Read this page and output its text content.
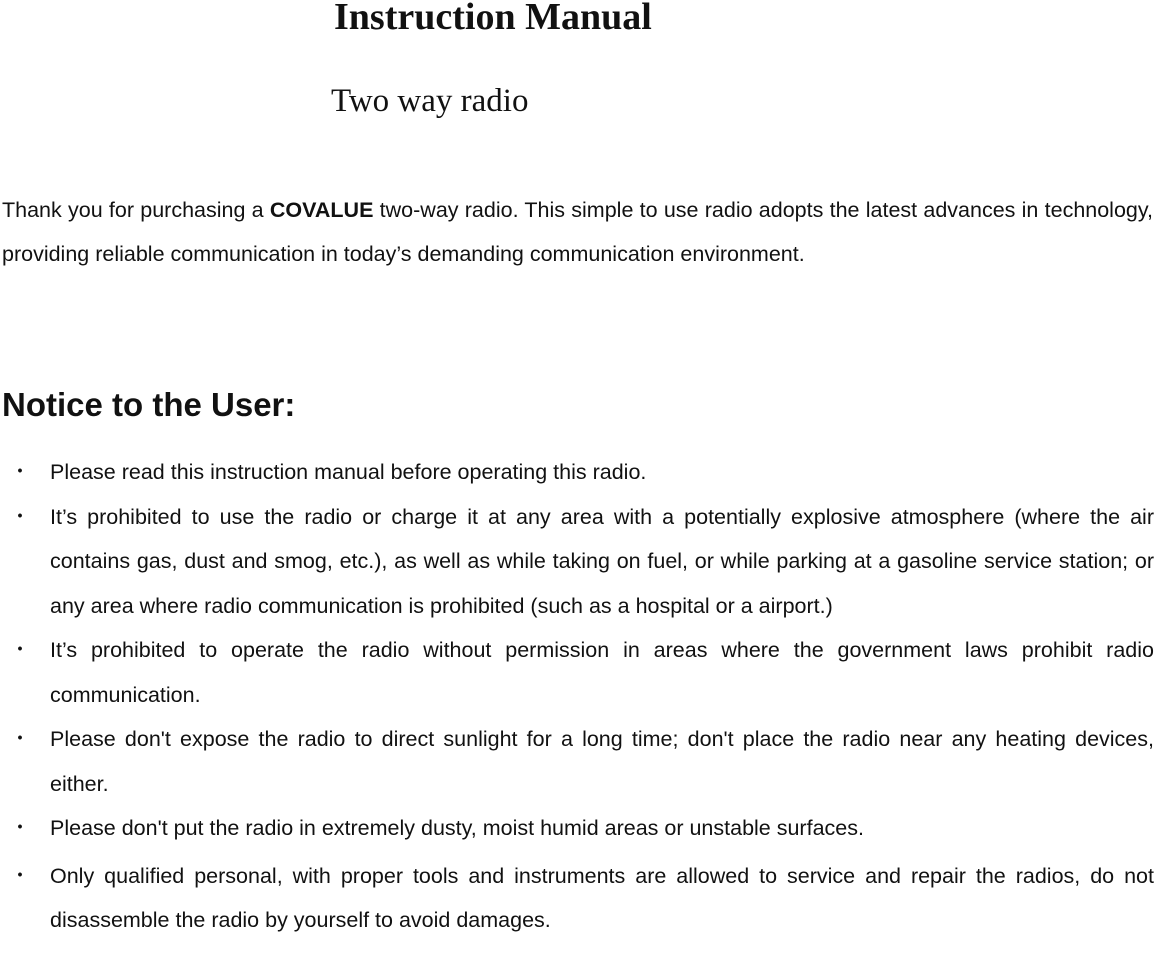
Instruction Manual
Two way radio

Thank you for purchasing a COVALUE two-way radio. This simple to use radio adopts the latest advances in technology, providing reliable communication in today’s demanding communication environment.

Notice to the User:
・ Please read this instruction manual before operating this radio.
・ It’s prohibited to use the radio or charge it at any area with a potentially explosive atmosphere (where the air contains gas, dust and smog, etc.), as well as while taking on fuel, or while parking at a gasoline service station; or any area where radio communication is prohibited (such as a hospital or a airport.)
・ It’s prohibited to operate the radio without permission in areas where the government laws prohibit radio communication.
・ Please don't expose the radio to direct sunlight for a long time; don't place the radio near any heating devices, either.
・ Please don't put the radio in extremely dusty, moist humid areas or unstable surfaces.
・ Only qualified personal, with proper tools and instruments are allowed to service and repair the radios, do not disassemble the radio by yourself to avoid damages.
